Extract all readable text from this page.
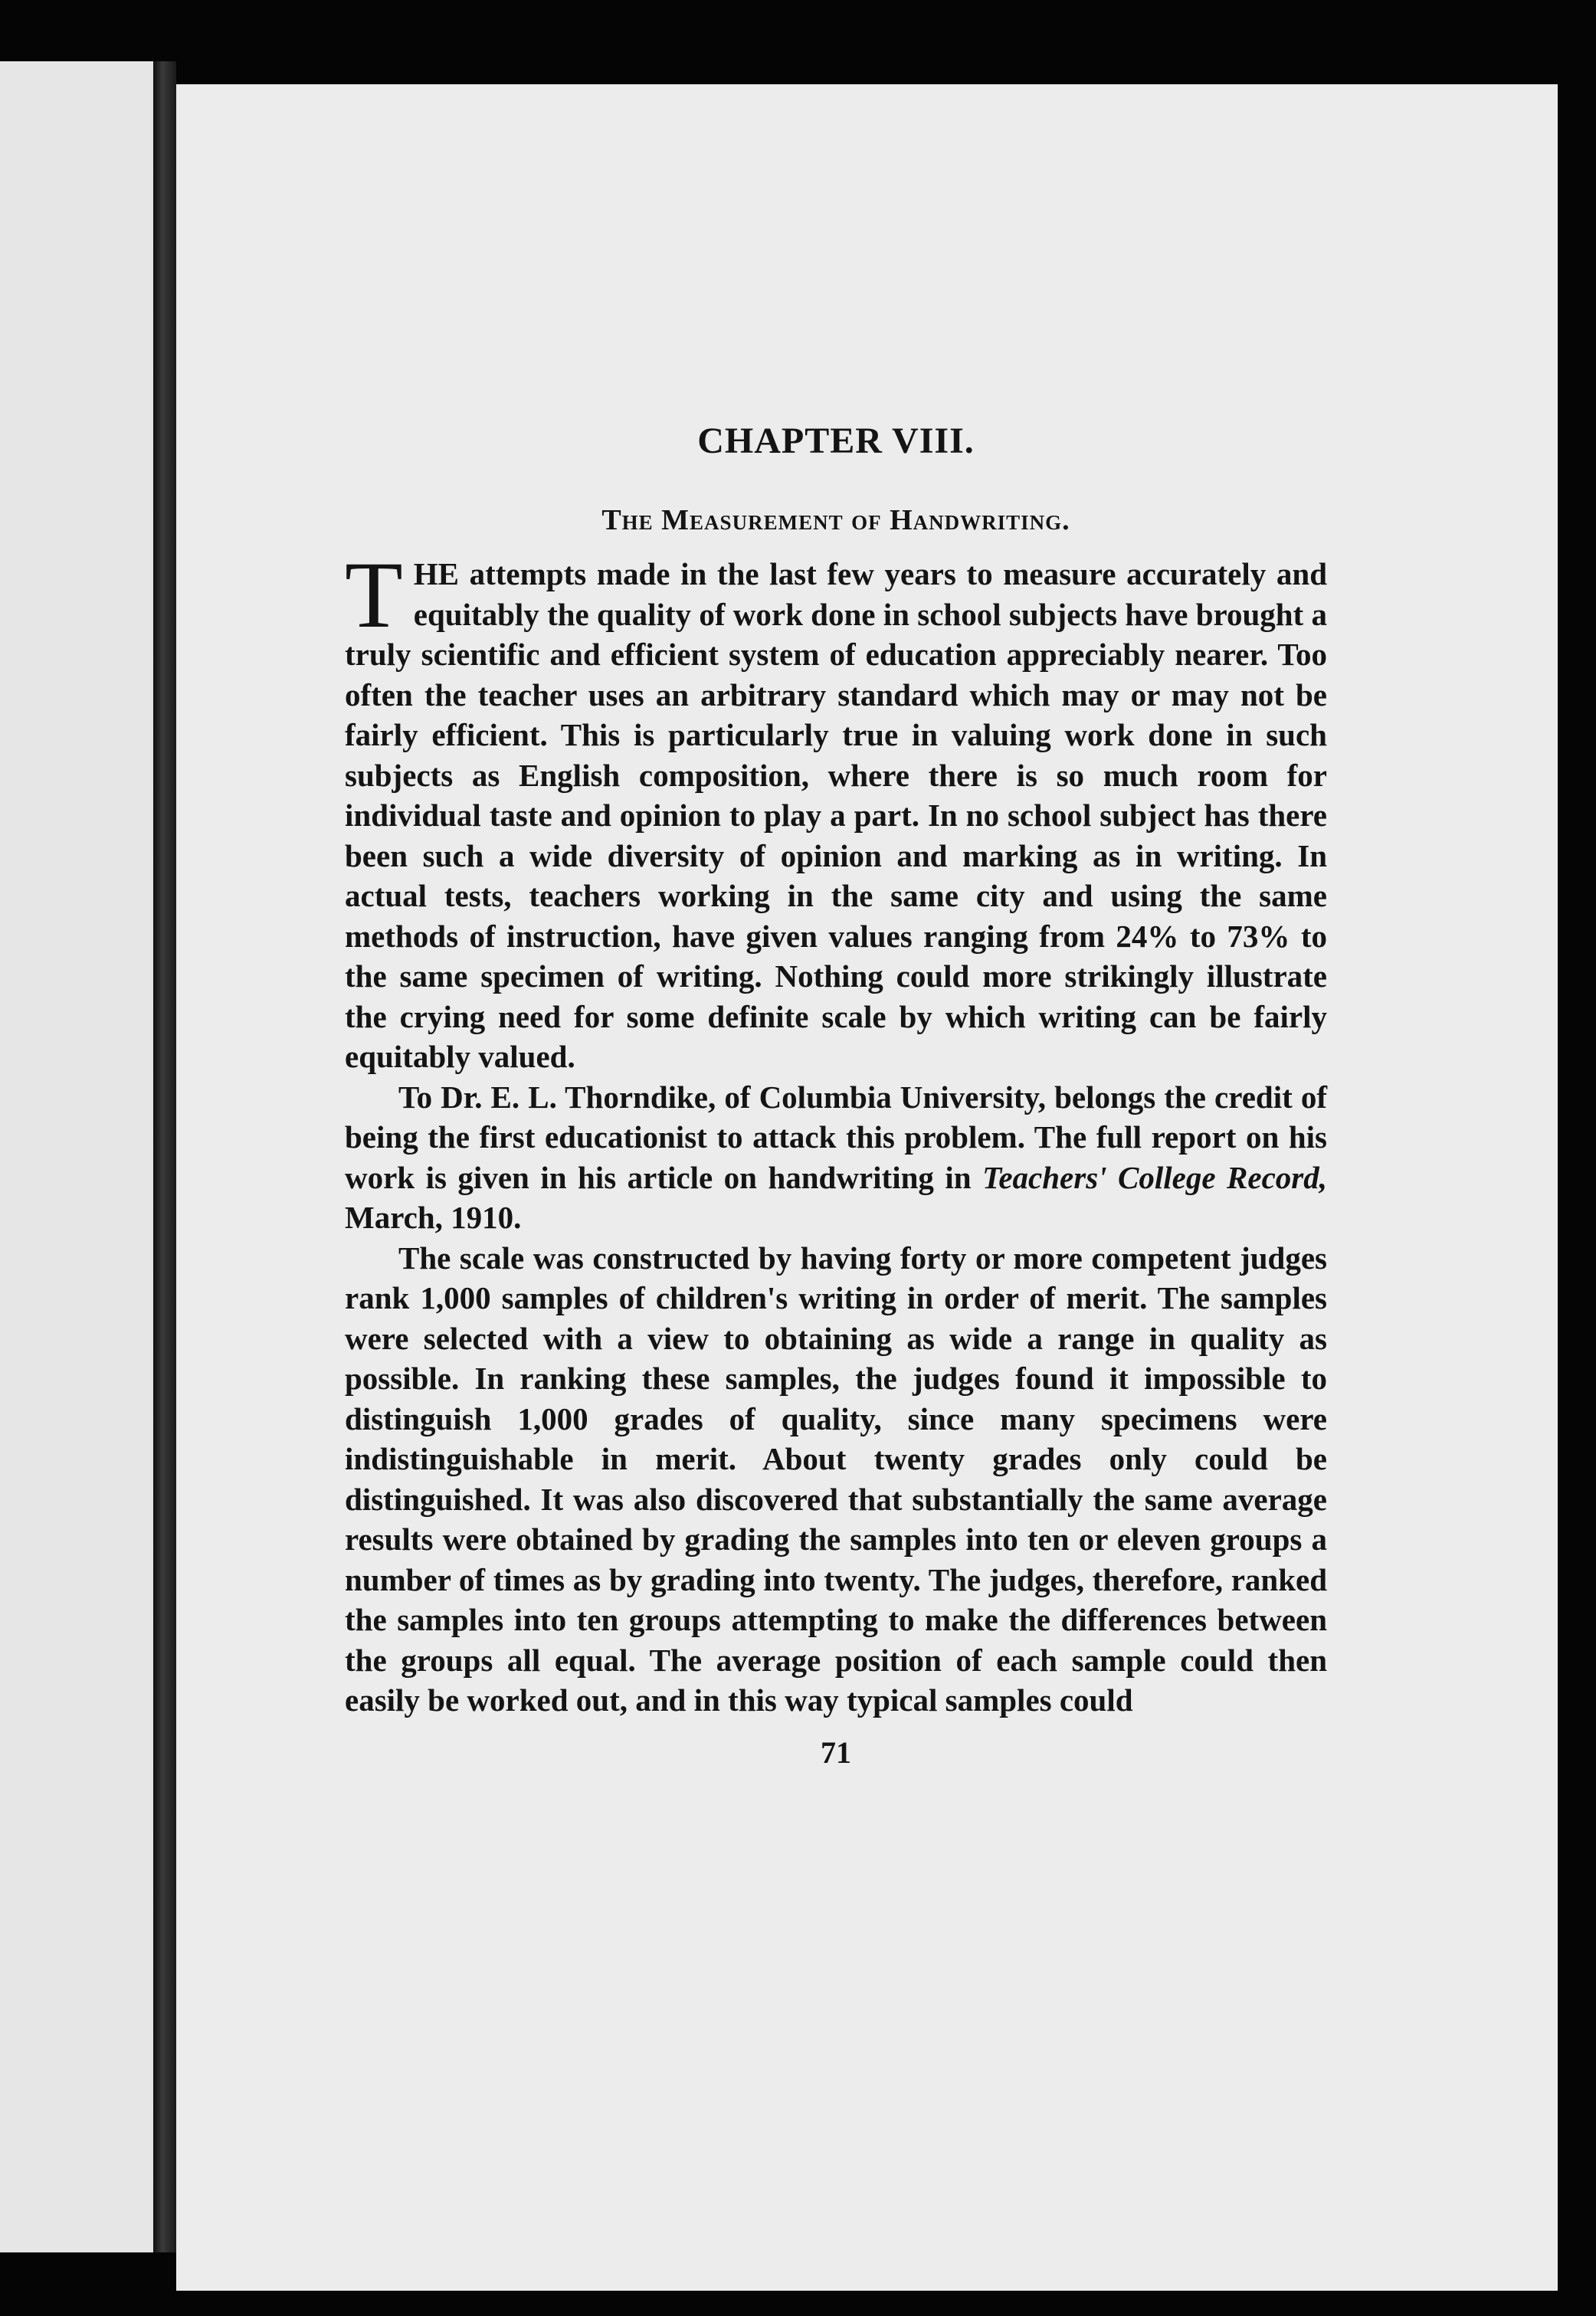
CHAPTER VIII.
The Measurement of Handwriting.

THE attempts made in the last few years to measure accurately and equitably the quality of work done in school subjects have brought a truly scientific and efficient system of education appreciably nearer. Too often the teacher uses an arbitrary standard which may or may not be fairly efficient. This is particularly true in valuing work done in such subjects as English composition, where there is so much room for individual taste and opinion to play a part. In no school subject has there been such a wide diversity of opinion and marking as in writing. In actual tests, teachers working in the same city and using the same methods of instruction, have given values ranging from 24% to 73% to the same specimen of writing. Nothing could more strikingly illustrate the crying need for some definite scale by which writing can be fairly equitably valued.

To Dr. E. L. Thorndike, of Columbia University, belongs the credit of being the first educationist to attack this problem. The full report on his work is given in his article on handwriting in Teachers' College Record, March, 1910.

The scale was constructed by having forty or more competent judges rank 1,000 samples of children's writing in order of merit. The samples were selected with a view to obtaining as wide a range in quality as possible. In ranking these samples, the judges found it impossible to distinguish 1,000 grades of quality, since many specimens were indistinguishable in merit. About twenty grades only could be distinguished. It was also discovered that substantially the same average results were obtained by grading the samples into ten or eleven groups a number of times as by grading into twenty. The judges, therefore, ranked the samples into ten groups attempting to make the differences between the groups all equal. The average position of each sample could then easily be worked out, and in this way typical samples could

71
